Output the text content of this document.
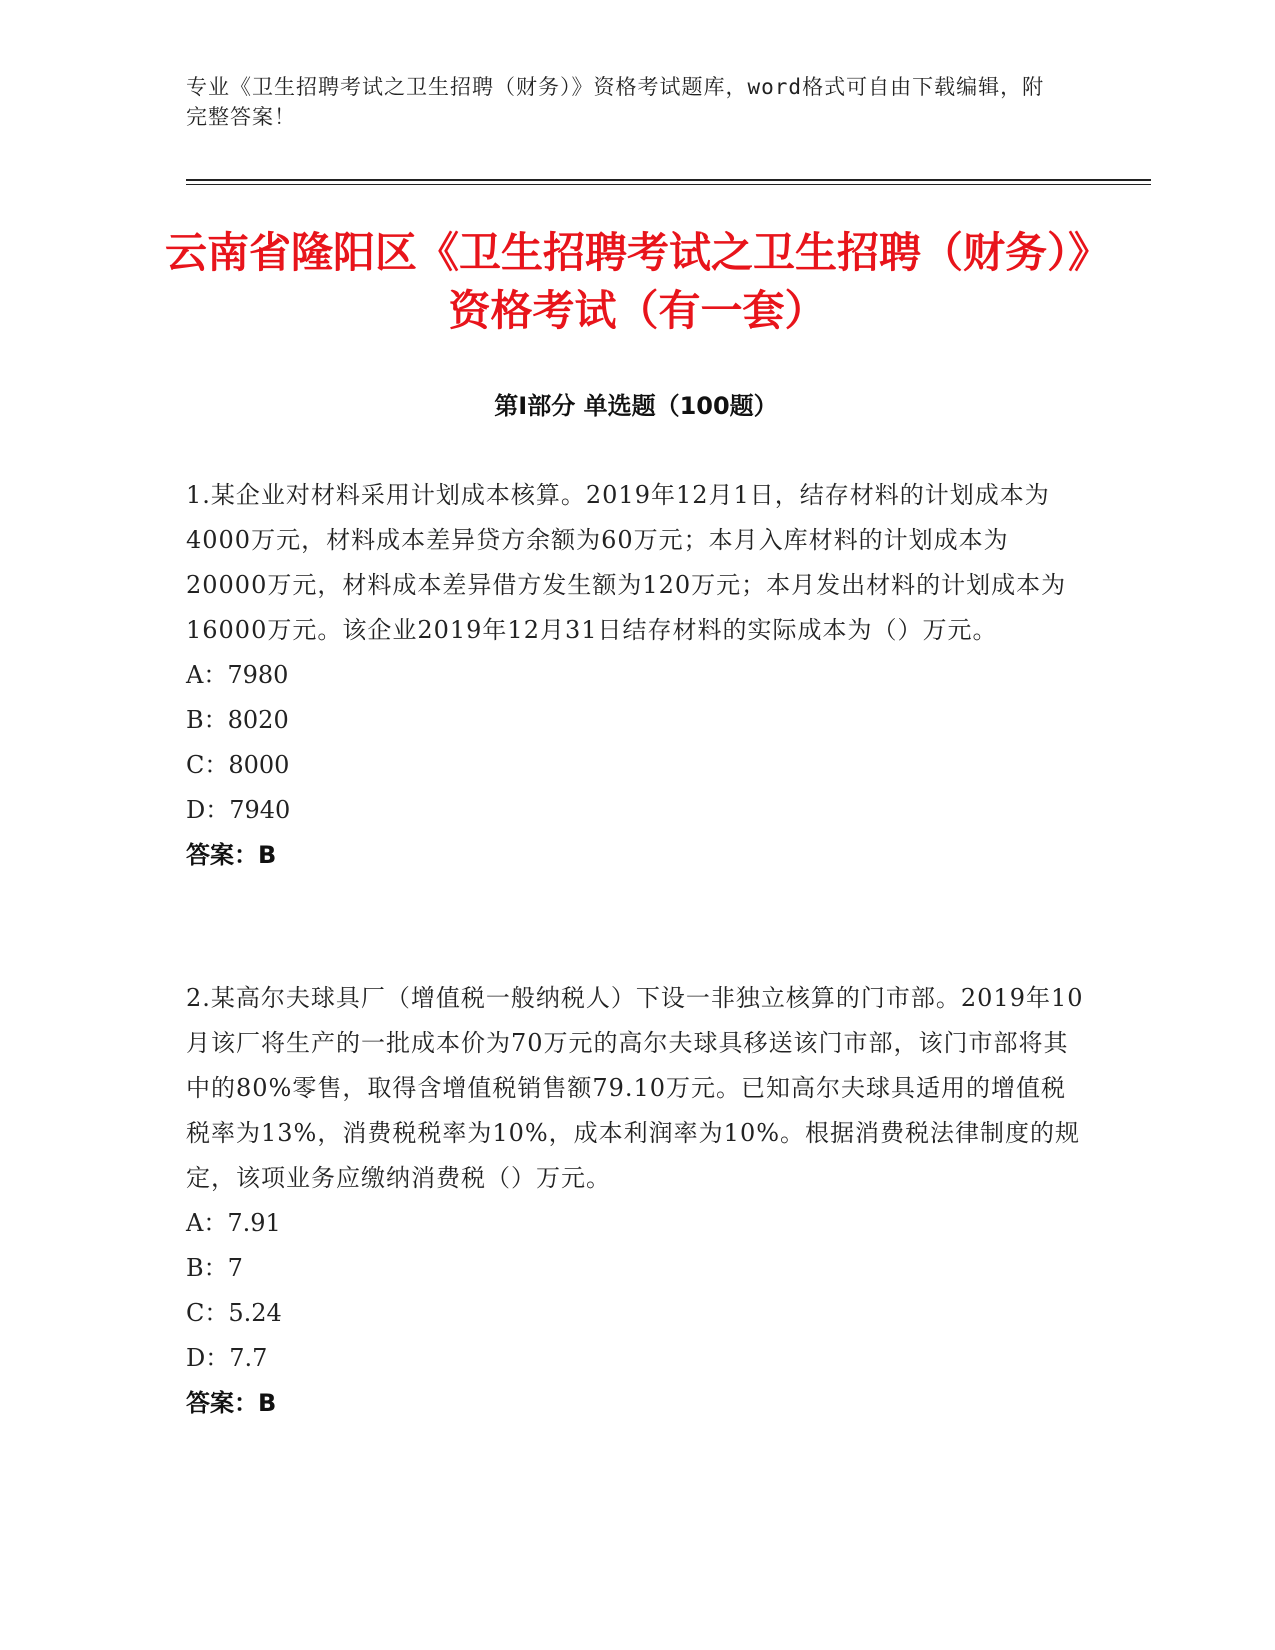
专业《卫生招聘考试之卫生招聘（财务）》资格考试题库，word格式可自由下载编辑，附完整答案！
云南省隆阳区《卫生招聘考试之卫生招聘（财务）》资格考试（有一套）
第Ⅰ部分 单选题（100题）

1.某企业对材料采用计划成本核算。2019年12月1日，结存材料的计划成本为4000万元，材料成本差异贷方余额为60万元；本月入库材料的计划成本为20000万元，材料成本差异借方发生额为120万元；本月发出材料的计划成本为16000万元。该企业2019年12月31日结存材料的实际成本为（）万元。

A：7980

B：8020

C：8000

D：7940

答案：B

2.某高尔夫球具厂（增值税一般纳税人）下设一非独立核算的门市部。2019年10月该厂将生产的一批成本价为70万元的高尔夫球具移送该门市部，该门市部将其中的80%零售，取得含增值税销售额79.10万元。已知高尔夫球具适用的增值税税率为13%，消费税税率为10%，成本利润率为10%。根据消费税法律制度的规定，该项业务应缴纳消费税（）万元。

A：7.91

B：7

C：5.24

D：7.7

答案：B
